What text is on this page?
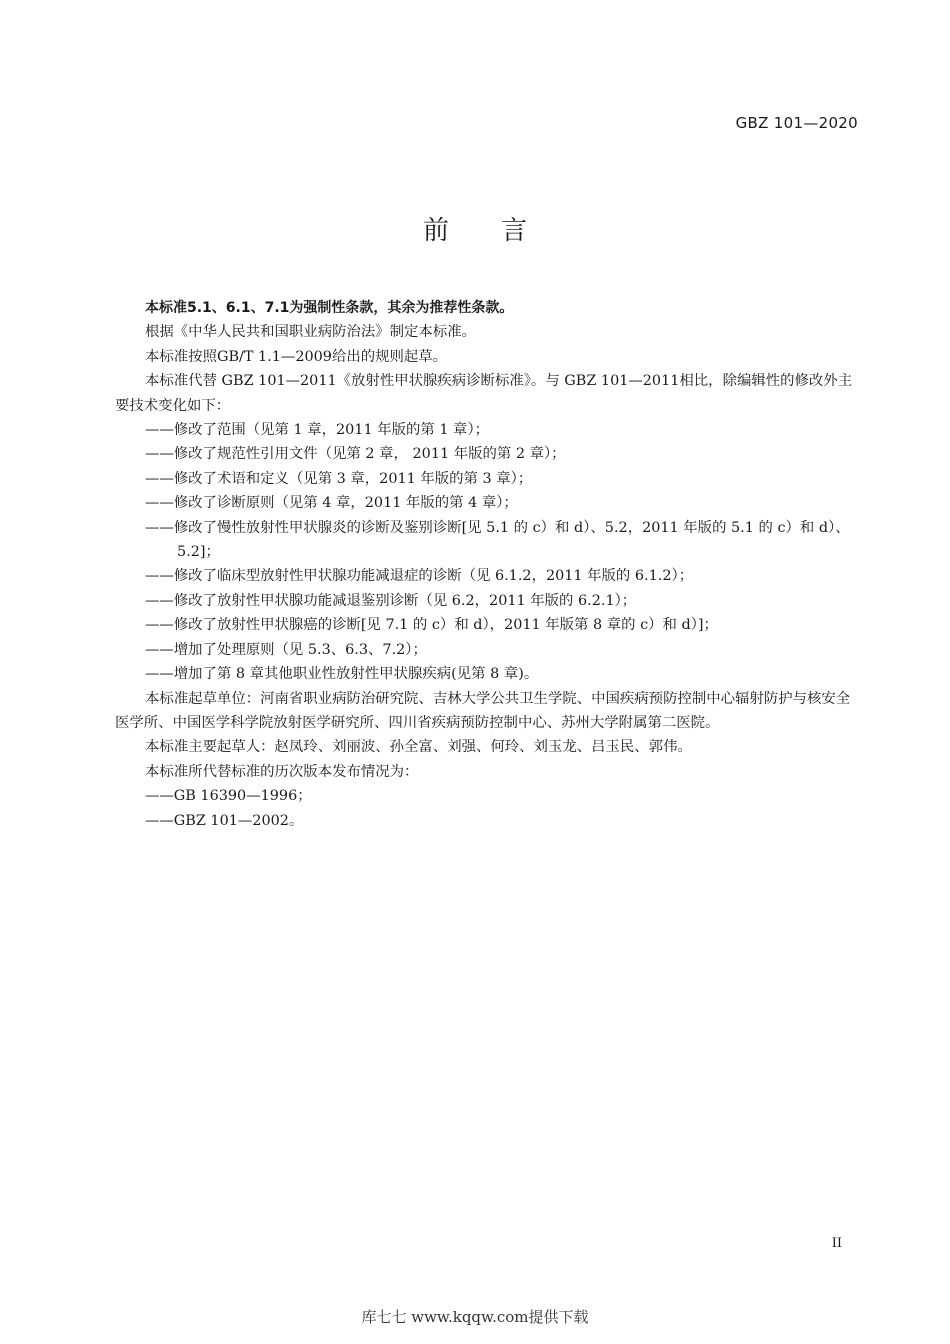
GBZ 101—2020
前言

本标准5.1、6.1、7.1为强制性条款，其余为推荐性条款。

根据《中华人民共和国职业病防治法》制定本标准。

本标准按照GB/T 1.1—2009给出的规则起草。

本标准代替 GBZ 101—2011《放射性甲状腺疾病诊断标准》。与 GBZ 101—2011相比，除编辑性的修改外主要技术变化如下：

——修改了范围（见第 1 章，2011 年版的第 1 章）；

——修改了规范性引用文件（见第 2 章， 2011 年版的第 2 章）；

——修改了术语和定义（见第 3 章，2011 年版的第 3 章）；

——修改了诊断原则（见第 4 章，2011 年版的第 4 章）；

——修改了慢性放射性甲状腺炎的诊断及鉴别诊断[见 5.1 的 c）和 d）、5.2，2011 年版的 5.1 的 c）和 d）、5.2]；

——修改了临床型放射性甲状腺功能减退症的诊断（见 6.1.2，2011 年版的 6.1.2）；

——修改了放射性甲状腺功能减退鉴别诊断（见 6.2，2011 年版的 6.2.1）；

——修改了放射性甲状腺癌的诊断[见 7.1 的 c）和 d），2011 年版第 8 章的 c）和 d）]；

——增加了处理原则（见 5.3、6.3、7.2）；

——增加了第 8 章其他职业性放射性甲状腺疾病(见第 8 章)。

本标准起草单位：河南省职业病防治研究院、吉林大学公共卫生学院、中国疾病预防控制中心辐射防护与核安全医学所、中国医学科学院放射医学研究所、四川省疾病预防控制中心、苏州大学附属第二医院。

本标准主要起草人：赵凤玲、刘丽波、孙全富、刘强、何玲、刘玉龙、吕玉民、郭伟。

本标准所代替标准的历次版本发布情况为：

——GB 16390—1996；

——GBZ 101—2002。

II
库七七 www.kqqw.com提供下载
